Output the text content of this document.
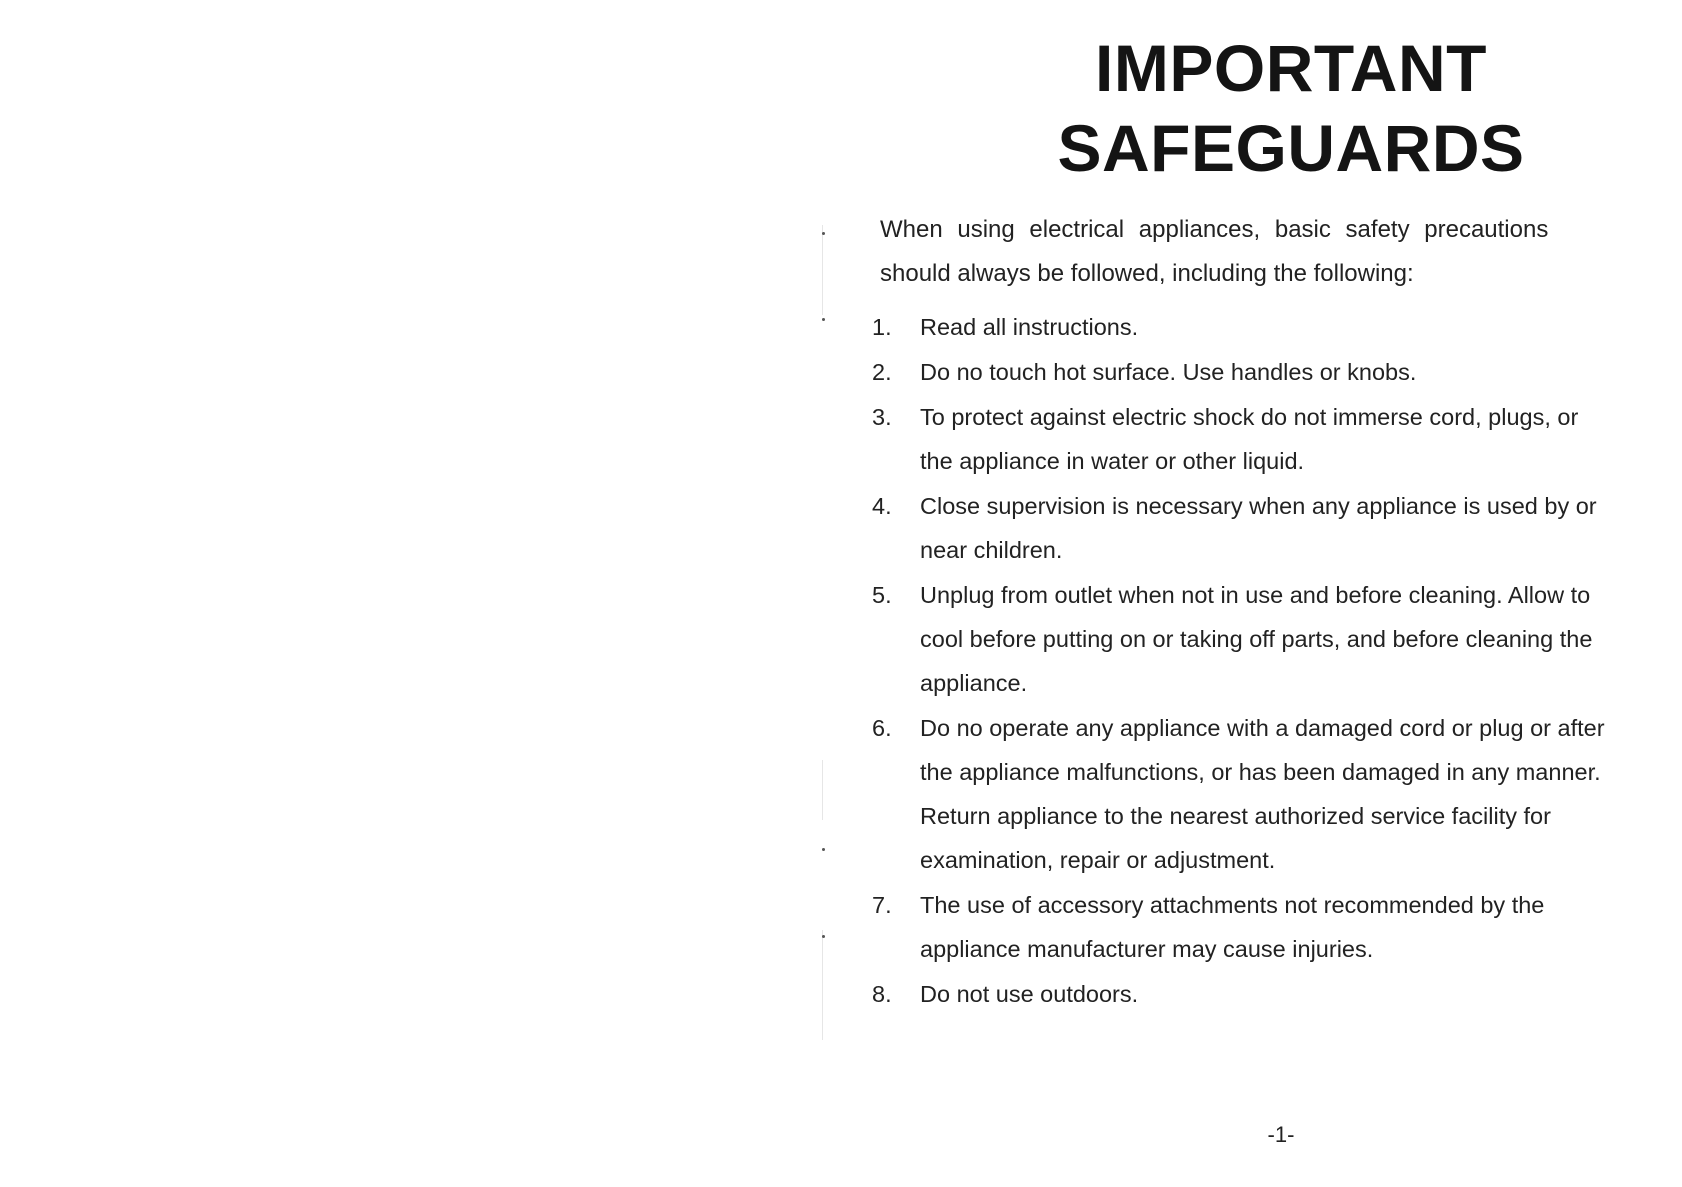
IMPORTANT
SAFEGUARDS
When using electrical appliances, basic safety precautions
should always be followed, including the following:
1. Read all instructions.
2. Do no touch hot surface. Use handles or knobs.
3. To protect against electric shock do not immerse cord, plugs, or the appliance in water or other liquid.
4. Close supervision is necessary when any appliance is used by or near children.
5. Unplug from outlet when not in use and before cleaning. Allow to cool before putting on or taking off parts, and before cleaning the appliance.
6. Do no operate any appliance with a damaged cord or plug or after the appliance malfunctions, or has been damaged in any manner. Return appliance to the nearest authorized service facility for examination, repair or adjustment.
7. The use of accessory attachments not recommended by the appliance manufacturer may cause injuries.
8. Do not use outdoors.
-1-
